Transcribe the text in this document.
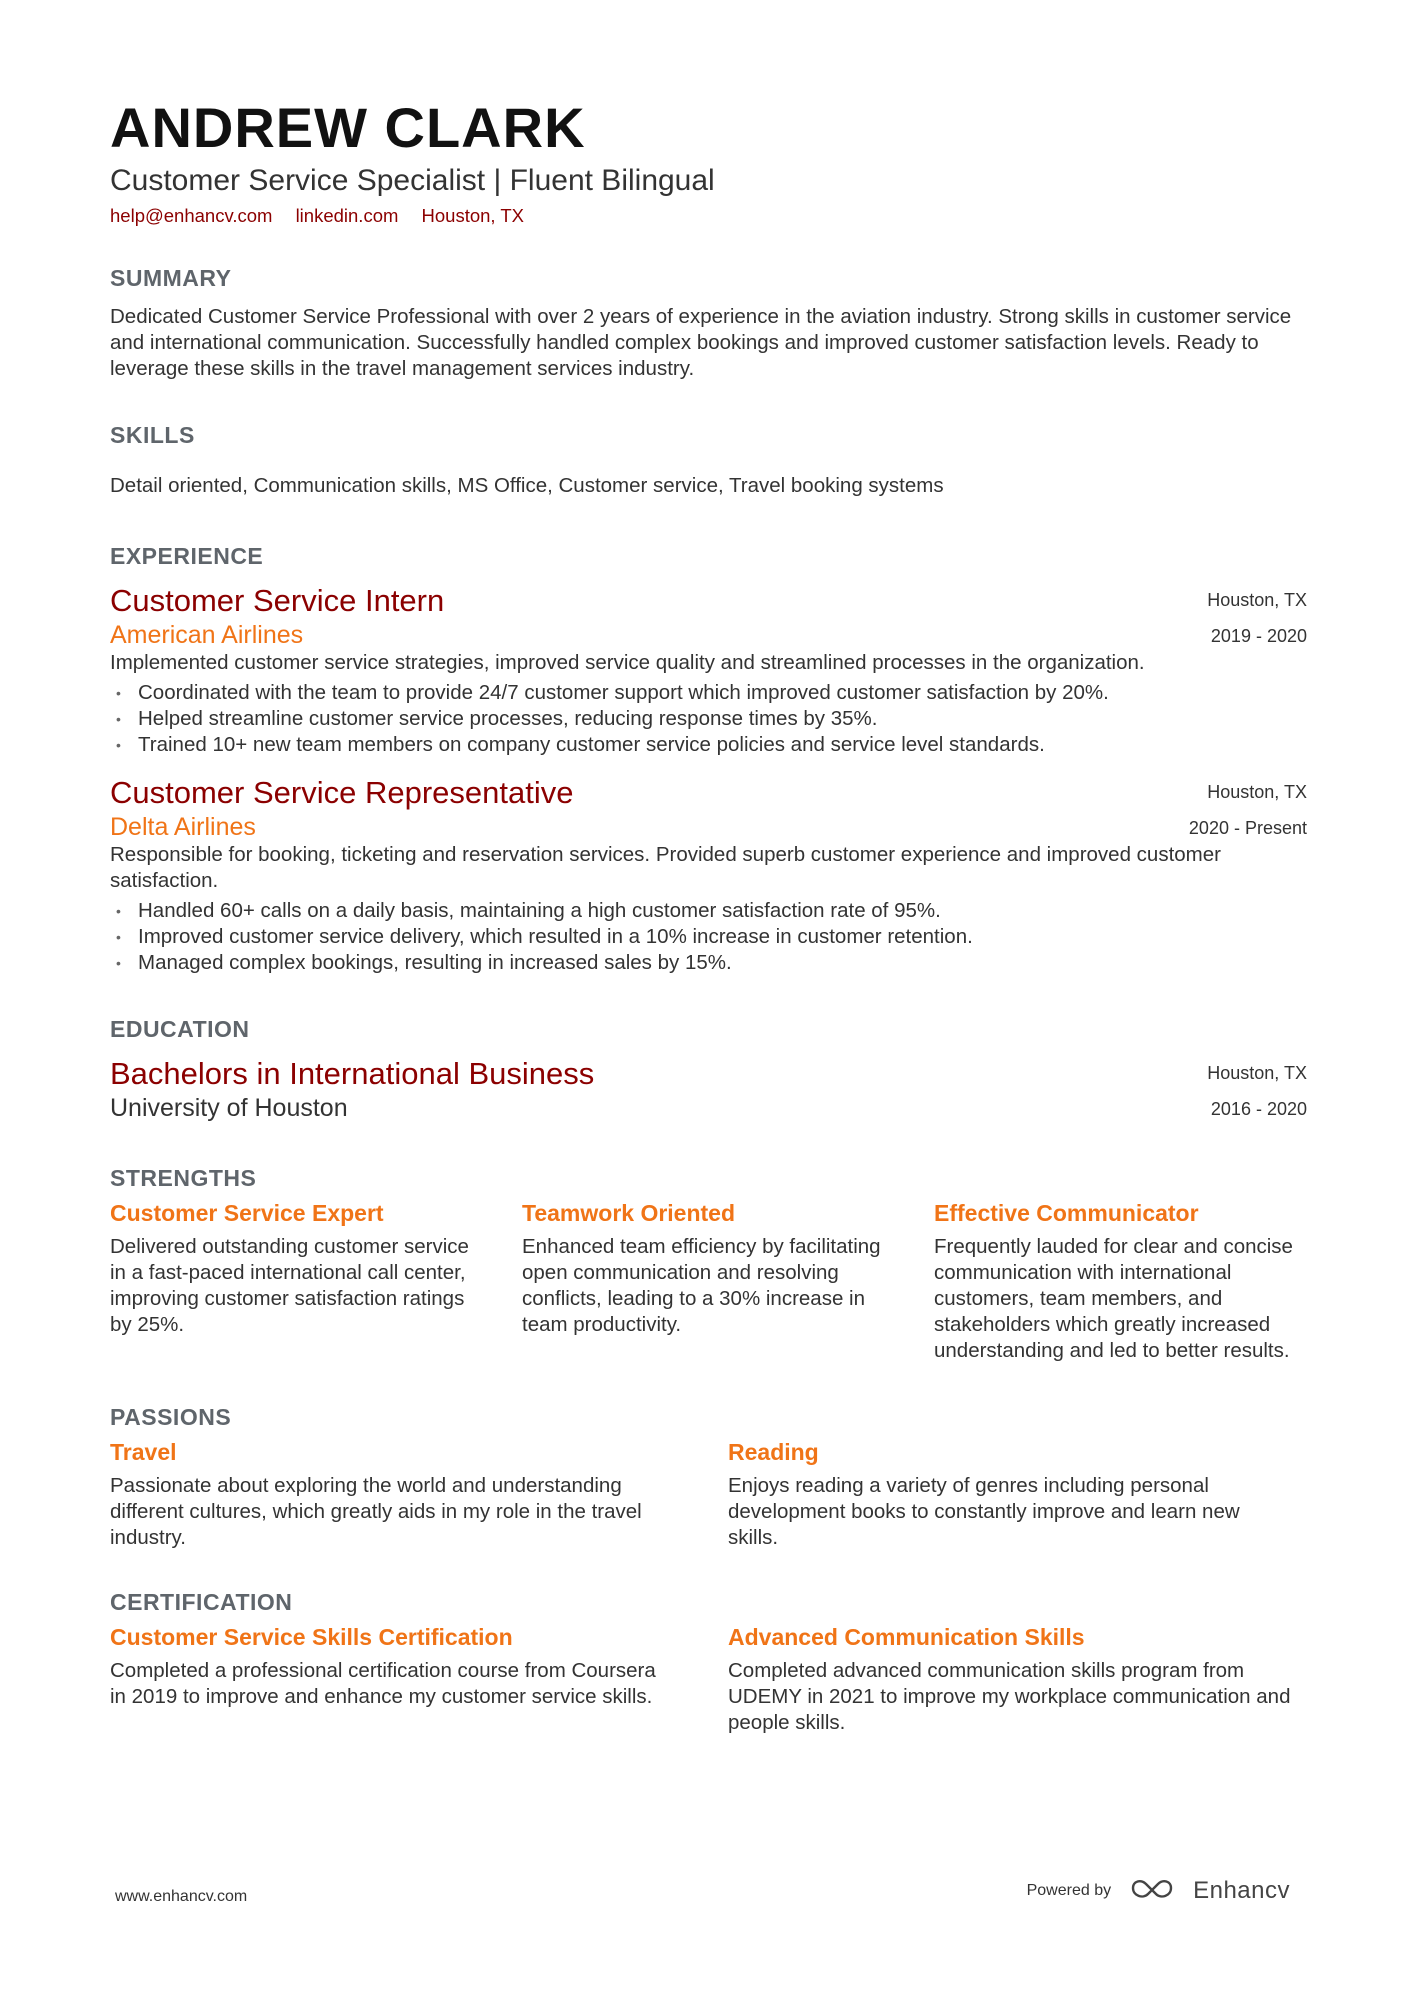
ANDREW CLARK
Customer Service Specialist | Fluent Bilingual
help@enhancv.com linkedin.com Houston, TX
SUMMARY
Dedicated Customer Service Professional with over 2 years of experience in the aviation industry. Strong skills in customer service and international communication. Successfully handled complex bookings and improved customer satisfaction levels. Ready to leverage these skills in the travel management services industry.
SKILLS
Detail oriented, Communication skills, MS Office, Customer service, Travel booking systems
EXPERIENCE
Customer Service Intern
American Airlines
Houston, TX
2019 - 2020
Implemented customer service strategies, improved service quality and streamlined processes in the organization.
• Coordinated with the team to provide 24/7 customer support which improved customer satisfaction by 20%.
• Helped streamline customer service processes, reducing response times by 35%.
• Trained 10+ new team members on company customer service policies and service level standards.
Customer Service Representative
Delta Airlines
Houston, TX
2020 - Present
Responsible for booking, ticketing and reservation services. Provided superb customer experience and improved customer satisfaction.
• Handled 60+ calls on a daily basis, maintaining a high customer satisfaction rate of 95%.
• Improved customer service delivery, which resulted in a 10% increase in customer retention.
• Managed complex bookings, resulting in increased sales by 15%.
EDUCATION
Bachelors in International Business
University of Houston
Houston, TX
2016 - 2020
STRENGTHS
Customer Service Expert
Delivered outstanding customer service in a fast-paced international call center, improving customer satisfaction ratings by 25%.
Teamwork Oriented
Enhanced team efficiency by facilitating open communication and resolving conflicts, leading to a 30% increase in team productivity.
Effective Communicator
Frequently lauded for clear and concise communication with international customers, team members, and stakeholders which greatly increased understanding and led to better results.
PASSIONS
Travel
Passionate about exploring the world and understanding different cultures, which greatly aids in my role in the travel industry.
Reading
Enjoys reading a variety of genres including personal development books to constantly improve and learn new skills.
CERTIFICATION
Customer Service Skills Certification
Completed a professional certification course from Coursera in 2019 to improve and enhance my customer service skills.
Advanced Communication Skills
Completed advanced communication skills program from UDEMY in 2021 to improve my workplace communication and people skills.
www.enhancv.com	Powered by	Enhancv
